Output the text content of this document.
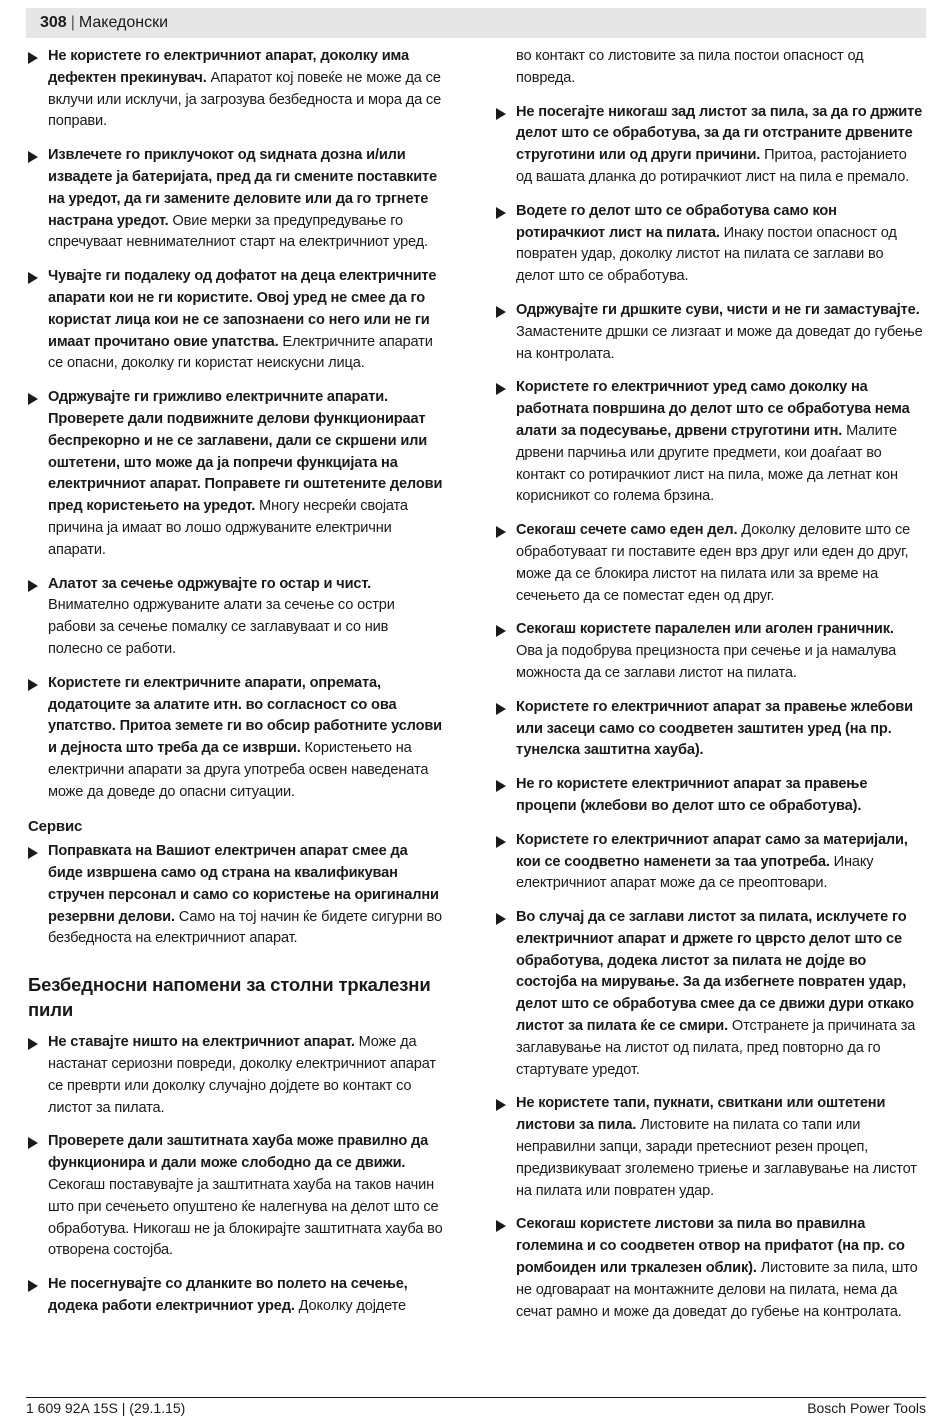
308 | Македонски
Не користете го електричниот апарат, доколку има дефектен прекинувач. Апаратот кој повеќе не може да се вклучи или исклучи, ја загрозува безбедноста и мора да се поправи.
Извлечете го приклучокот од ѕидната дозна и/или извадете ја батеријата, пред да ги смените поставките на уредот, да ги замените деловите или да го тргнете настрана уредот. Овие мерки за предупредување го спречуваат невнимателниот старт на електричниот уред.
Чувајте ги подалеку од дофатот на деца електричните апарати кои не ги користите. Овој уред не смее да го користат лица кои не се запознаени со него или не ги имаат прочитано овие упатства. Електричните апарати се опасни, доколку ги користат неискусни лица.
Одржувајте ги грижливо електричните апарати. Проверете дали подвижните делови функционираат беспрекорно и не се заглавени, дали се скршени или оштетени, што може да ја попречи функцијата на електричниот апарат. Поправете ги оштетените делови пред користењето на уредот. Многу несреќи својата причина ја имаат во лошо одржуваните електрични апарати.
Алатот за сечење одржувајте го остар и чист. Внимателно одржуваните алати за сечење со остри рабови за сечење помалку се заглавуваат и со нив полесно се работи.
Користете ги електричните апарати, опремата, додатоците за алатите итн. во согласност со ова упатство. Притоа земете ги во обсир работните услови и дејноста што треба да се изврши. Користењето на електрични апарати за друга употреба освен наведената може да доведе до опасни ситуации.
Сервис
Поправката на Вашиот електричен апарат смее да биде извршена само од страна на квалификуван стручен персонал и само со користење на оригинални резервни делови. Само на тој начин ќе бидете сигурни во безбедноста на електричниот апарат.
Безбедносни напомени за столни тркалезни пили
Не ставајте ништо на електричниот апарат. Може да настанат сериозни повреди, доколку електричниот апарат се преврти или доколку случајно дојдете во контакт со листот за пилата.
Проверете дали заштитната хауба може правилно да функционира и дали може слободно да се движи. Секогаш поставувајте ја заштитната хауба на таков начин што при сечењето опуштено ќе налегнува на делот што се обработува. Никогаш не ја блокирајте заштитната хауба во отворена состојба.
Не посегнувајте со дланките во полето на сечење, додека работи електричниот уред. Доколку дојдете
во контакт со листовите за пила постои опасност од повреда.
Не посегајте никогаш зад листот за пила, за да го држите делот што се обработува, за да ги отстраните дрвените струготини или од други причини. Притоа, растојанието од вашата дланка до ротирачкиот лист на пила е премало.
Водете го делот што се обработува само кон ротирачкиот лист на пилата. Инаку постои опасност од повратен удар, доколку листот на пилата се заглави во делот што се обработува.
Одржувајте ги дршките суви, чисти и не ги замастувајте. Замастените дршки се лизгаат и може да доведат до губење на контролата.
Користете го електричниот уред само доколку на работната површина до делот што се обработува нема алати за подесување, дрвени струготини итн. Малите дрвени парчиња или другите предмети, кои доаѓаат во контакт со ротирачкиот лист на пила, може да летнат кон корисникот со голема брзина.
Секогаш сечете само еден дел. Доколку деловите што се обработуваат ги поставите еден врз друг или еден до друг, може да се блокира листот на пилата или за време на сечењето да се поместат еден од друг.
Секогаш користете паралелен или аголен граничник. Ова ја подобрува прецизноста при сечење и ја намалува можноста да се заглави листот на пилата.
Користете го електричниот апарат за правење жлебови или засеци само со соодветен заштитен уред (на пр. тунелска заштитна хауба).
Не го користете електричниот апарат за правење процепи (жлебови во делот што се обработува).
Користете го електричниот апарат само за материјали, кои се соодветно наменети за таа употреба. Инаку електричниот апарат може да се преоптовари.
Во случај да се заглави листот за пилата, исклучете го електричниот апарат и држете го цврсто делот што се обработува, додека листот за пилата не дојде во состојба на мирување. За да избегнете повратен удар, делот што се обработува смее да се движи дури откако листот за пилата ќе се смири. Отстранете ја причината за заглавување на листот од пилата, пред повторно да го стартувате уредот.
Не користете тапи, пукнати, свиткани или оштетени листови за пила. Листовите на пилата со тапи или неправилни запци, заради претесниот резен процеп, предизвикуваат зголемено триење и заглавување на листот на пилата или повратен удар.
Секогаш користете листови за пила во правилна големина и со соодветен отвор на прифатот (на пр. со ромбоиден или тркалезен облик). Листовите за пила, што не одговараат на монтажните делови на пилата, нема да сечат рамно и може да доведат до губење на контролата.
1 609 92A 15S | (29.1.15)	Bosch Power Tools
